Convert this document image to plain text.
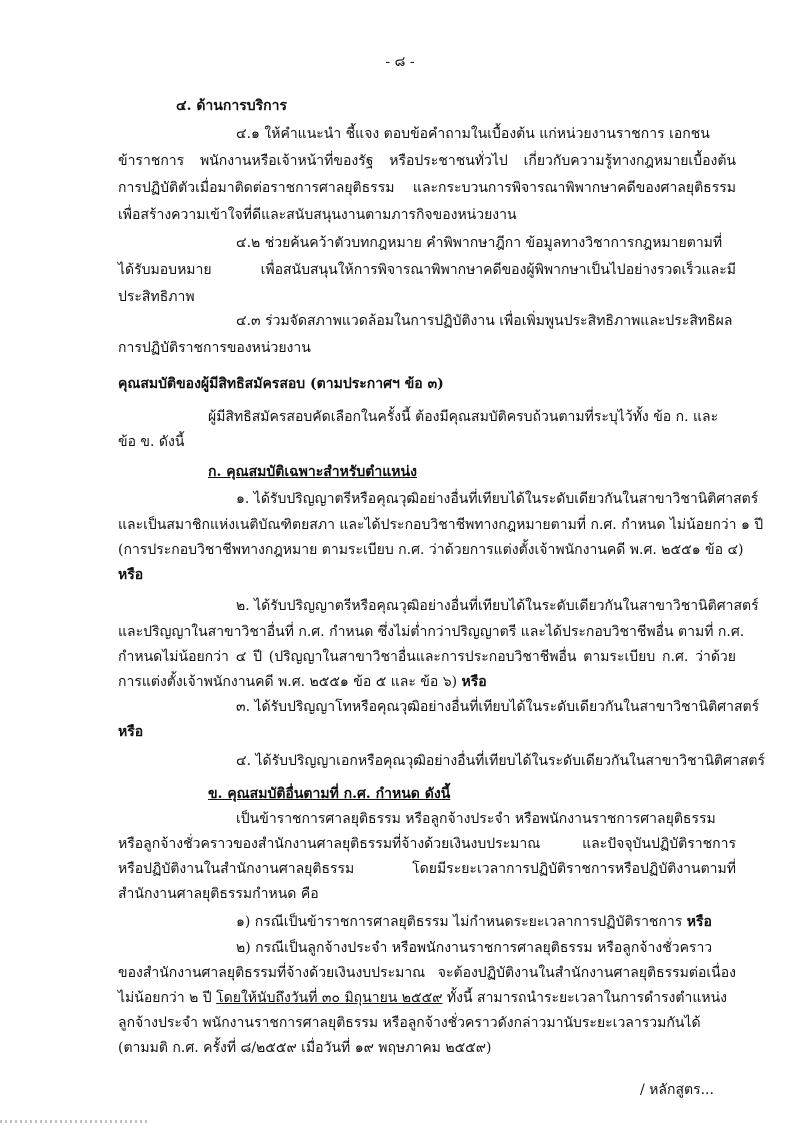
- ๘ -
๔. ด้านการบริการ
๔.๑ ให้คำแนะนำ ชี้แจง ตอบข้อคำถามในเบื้องต้น แก่หน่วยงานราชการ เอกชน
ข้าราชการ พนักงานหรือเจ้าหน้าที่ของรัฐ หรือประชาชนทั่วไป เกี่ยวกับความรู้ทางกฎหมายเบื้องต้น
การปฏิบัติตัวเมื่อมาติดต่อราชการศาลยุติธรรม และกระบวนการพิจารณาพิพากษาคดีของศาลยุติธรรม
เพื่อสร้างความเข้าใจที่ดีและสนับสนุนงานตามภารกิจของหน่วยงาน
๔.๒ ช่วยค้นคว้าตัวบทกฎหมาย คำพิพากษาฎีกา ข้อมูลทางวิชาการกฎหมายตามที่
ได้รับมอบหมาย เพื่อสนับสนุนให้การพิจารณาพิพากษาคดีของผู้พิพากษาเป็นไปอย่างรวดเร็วและมี
ประสิทธิภาพ
๔.๓ ร่วมจัดสภาพแวดล้อมในการปฏิบัติงาน เพื่อเพิ่มพูนประสิทธิภาพและประสิทธิผล
การปฏิบัติราชการของหน่วยงาน
คุณสมบัติของผู้มีสิทธิสมัครสอบ (ตามประกาศฯ ข้อ ๓)
ผู้มีสิทธิสมัครสอบคัดเลือกในครั้งนี้ ต้องมีคุณสมบัติครบถ้วนตามที่ระบุไว้ทั้ง ข้อ ก. และ
ข้อ ข. ดังนี้
ก. คุณสมบัติเฉพาะสำหรับตำแหน่ง
๑. ได้รับปริญญาตรีหรือคุณวุฒิอย่างอื่นที่เทียบได้ในระดับเดียวกันในสาขาวิชานิติศาสตร์
และเป็นสมาชิกแห่งเนติบัณฑิตยสภา และได้ประกอบวิชาชีพทางกฎหมายตามที่ ก.ศ. กำหนด ไม่น้อยกว่า ๑ ปี
(การประกอบวิชาชีพทางกฎหมาย ตามระเบียบ ก.ศ. ว่าด้วยการแต่งตั้งเจ้าพนักงานคดี พ.ศ. ๒๕๕๑ ข้อ ๔)
หรือ
๒. ได้รับปริญญาตรีหรือคุณวุฒิอย่างอื่นที่เทียบได้ในระดับเดียวกันในสาขาวิชานิติศาสตร์
และปริญญาในสาขาวิชาอื่นที่ ก.ศ. กำหนด ซึ่งไม่ต่ำกว่าปริญญาตรี และได้ประกอบวิชาชีพอื่น ตามที่ ก.ศ.
กำหนดไม่น้อยกว่า ๔ ปี (ปริญญาในสาขาวิชาอื่นและการประกอบวิชาชีพอื่น ตามระเบียบ ก.ศ. ว่าด้วย
การแต่งตั้งเจ้าพนักงานคดี พ.ศ. ๒๕๕๑ ข้อ ๕ และ ข้อ ๖) หรือ
๓. ได้รับปริญญาโทหรือคุณวุฒิอย่างอื่นที่เทียบได้ในระดับเดียวกันในสาขาวิชานิติศาสตร์
หรือ
๔. ได้รับปริญญาเอกหรือคุณวุฒิอย่างอื่นที่เทียบได้ในระดับเดียวกันในสาขาวิชานิติศาสตร์
ข. คุณสมบัติอื่นตามที่ ก.ศ. กำหนด ดังนี้
เป็นข้าราชการศาลยุติธรรม หรือลูกจ้างประจำ หรือพนักงานราชการศาลยุติธรรม
หรือลูกจ้างชั่วคราวของสำนักงานศาลยุติธรรมที่จ้างด้วยเงินงบประมาณ และปัจจุบันปฏิบัติราชการ
หรือปฏิบัติงานในสำนักงานศาลยุติธรรม โดยมีระยะเวลาการปฏิบัติราชการหรือปฏิบัติงานตามที่
สำนักงานศาลยุติธรรมกำหนด คือ
๑) กรณีเป็นข้าราชการศาลยุติธรรม ไม่กำหนดระยะเวลาการปฏิบัติราชการ หรือ
๒) กรณีเป็นลูกจ้างประจำ หรือพนักงานราชการศาลยุติธรรม หรือลูกจ้างชั่วคราว
ของสำนักงานศาลยุติธรรมที่จ้างด้วยเงินงบประมาณ จะต้องปฏิบัติงานในสำนักงานศาลยุติธรรมต่อเนื่อง
ไม่น้อยกว่า ๒ ปี โดยให้นับถึงวันที่ ๓๐ มิถุนายน ๒๕๕๙ ทั้งนี้ สามารถนำระยะเวลาในการดำรงตำแหน่ง
ลูกจ้างประจำ พนักงานราชการศาลยุติธรรม หรือลูกจ้างชั่วคราวดังกล่าวมานับระยะเวลารวมกันได้
(ตามมติ ก.ศ. ครั้งที่ ๘/๒๕๕๙ เมื่อวันที่ ๑๙ พฤษภาคม ๒๕๕๙)
/ หลักสูตร...
